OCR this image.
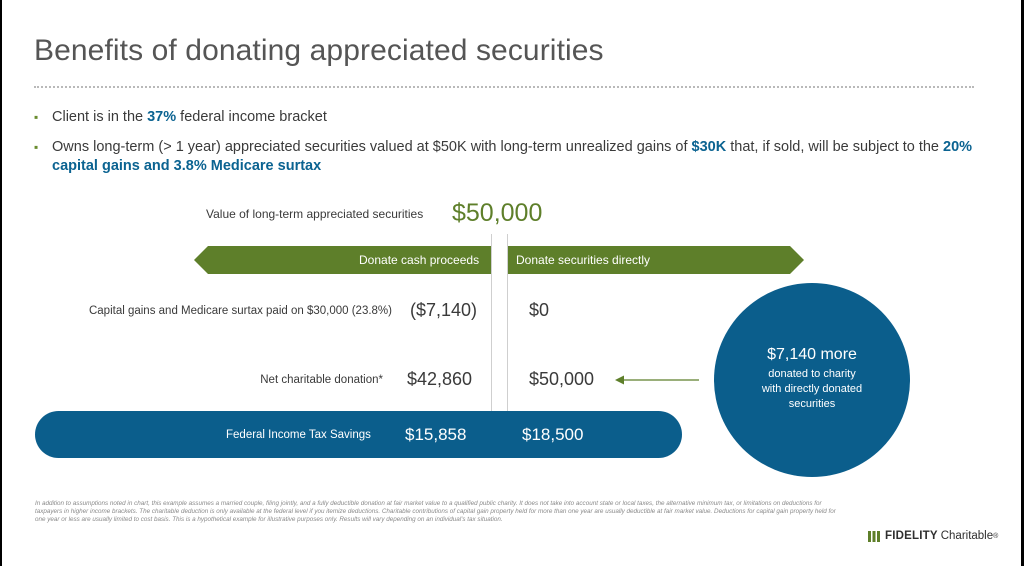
Benefits of donating appreciated securities
▪ Client is in the 37% federal income bracket
▪ Owns long-term (> 1 year) appreciated securities valued at $50K with long-term unrealized gains of $30K that, if sold, will be subject to the 20% capital gains and 3.8% Medicare surtax
Value of long-term appreciated securities $50,000
Donate cash proceeds	Donate securities directly
Capital gains and Medicare surtax paid on $30,000 (23.8%) ($7,140)	$0
Net charitable donation* $42,860	$50,000
Federal Income Tax Savings $15,858	$18,500
$7,140 more
donated to charity with directly donated securities
In addition to assumptions noted in chart, this example assumes a married couple, filing jointly, and a fully deductible donation at fair market value to a qualified public charity. It does not take into account state or local taxes, the alternative minimum tax, or limitations on deductions for taxpayers in higher income brackets. The charitable deduction is only available at the federal level if you itemize deductions. Charitable contributions of capital gain property held for more than one year are usually deductible at fair market value. Deductions for capital gain property held for one year or less are usually limited to cost basis. This is a hypothetical example for illustrative purposes only. Results will vary depending on an individual's tax situation.
FIDELITY Charitable ®
